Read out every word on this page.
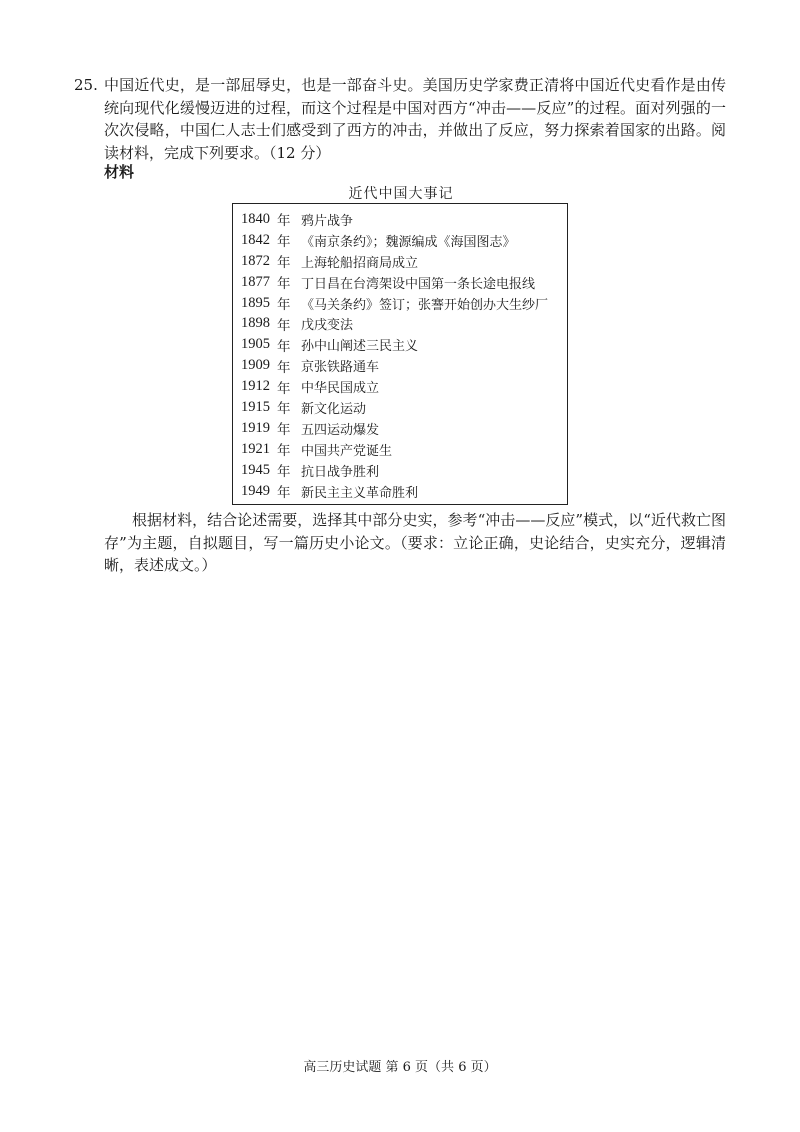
25. 中国近代史，是一部屈辱史，也是一部奋斗史。美国历史学家费正清将中国近代史看作是由传统向现代化缓慢迈进的过程，而这个过程是中国对西方“冲击——反应”的过程。面对列强的一次次侵略，中国仁人志士们感受到了西方的冲击，并做出了反应，努力探索着国家的出路。阅读材料，完成下列要求。（12 分）
材料
近代中国大事记
1840 年 鸦片战争
1842 年 《南京条约》；魏源编成《海国图志》
1872 年 上海轮船招商局成立
1877 年 丁日昌在台湾架设中国第一条长途电报线
1895 年 《马关条约》签订；张謇开始创办大生纱厂
1898 年 戊戌变法
1905 年 孙中山阐述三民主义
1909 年 京张铁路通车
1912 年 中华民国成立
1915 年 新文化运动
1919 年 五四运动爆发
1921 年 中国共产党诞生
1945 年 抗日战争胜利
1949 年 新民主主义革命胜利
根据材料，结合论述需要，选择其中部分史实，参考“冲击——反应”模式，以“近代救亡图存”为主题，自拟题目，写一篇历史小论文。（要求：立论正确，史论结合，史实充分，逻辑清晰，表述成文。）
高三历史试题 第 6 页（共 6 页）
